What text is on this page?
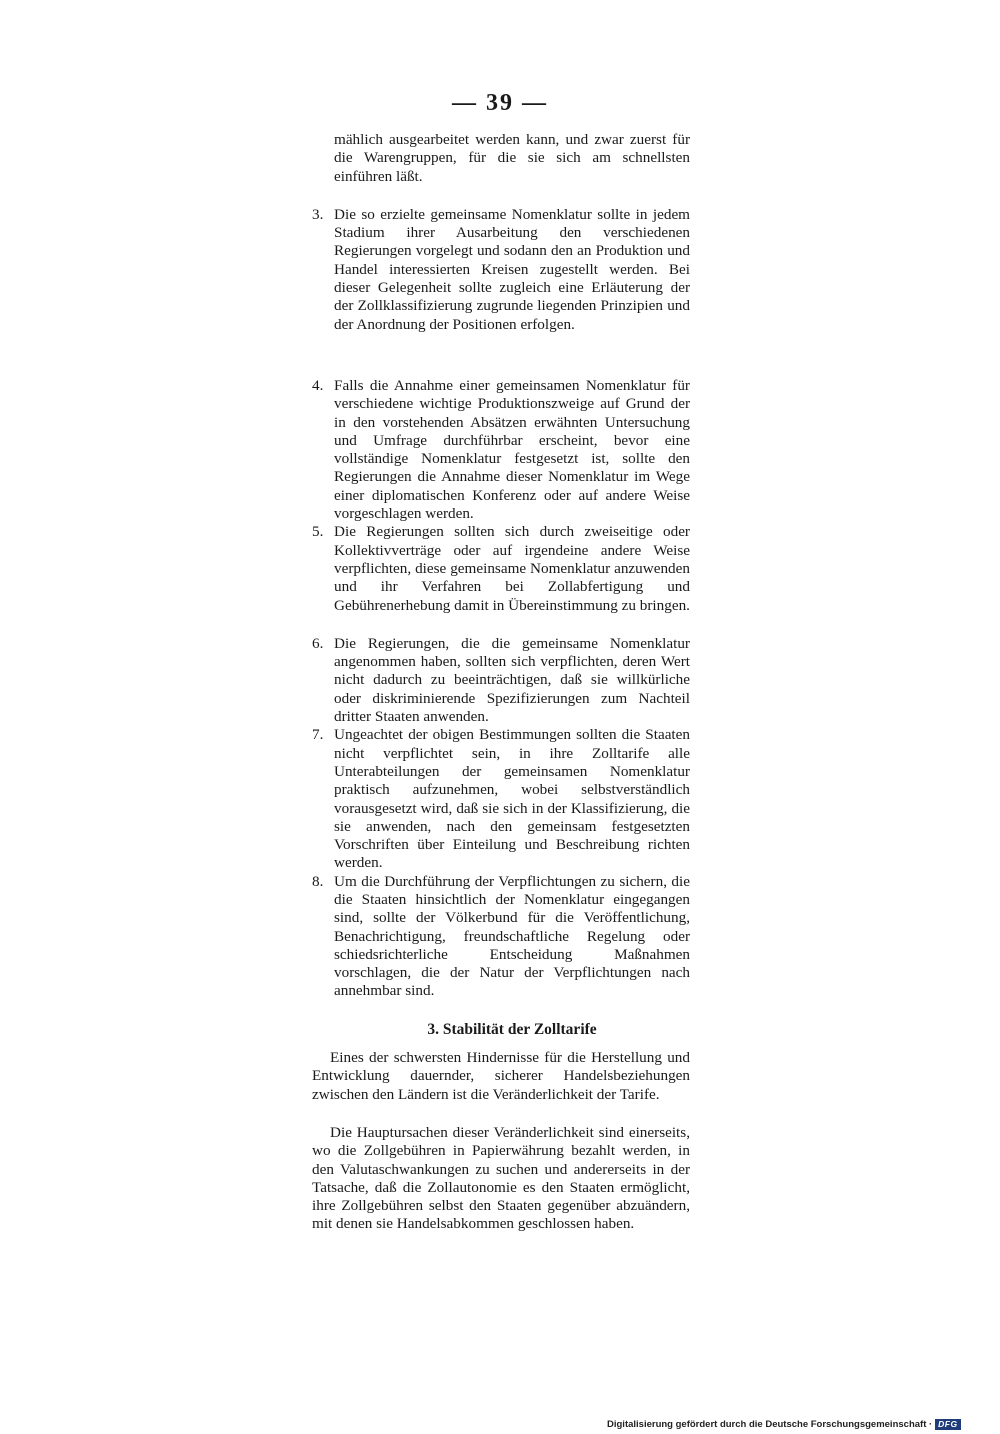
— 39 —

mählich ausgearbeitet werden kann, und zwar zuerst für die Warengruppen, für die sie sich am schnellsten einführen läßt.

3. Die so erzielte gemeinsame Nomenklatur sollte in jedem Stadium ihrer Ausarbeitung den verschiedenen Regierungen vorgelegt und sodann den an Produktion und Handel interessierten Kreisen zugestellt werden. Bei dieser Gelegenheit sollte zugleich eine Erläuterung der der Zollklassifizierung zugrunde liegenden Prinzipien und der Anordnung der Positionen erfolgen.
4. Falls die Annahme einer gemeinsamen Nomenklatur für verschiedene wichtige Produktionszweige auf Grund der in den vorstehenden Absätzen erwähnten Untersuchung und Umfrage durchführbar erscheint, bevor eine vollständige Nomenklatur festgesetzt ist, sollte den Regierungen die Annahme dieser Nomenklatur im Wege einer diplomatischen Konferenz oder auf andere Weise vorgeschlagen werden.
5. Die Regierungen sollten sich durch zweiseitige oder Kollektivverträge oder auf irgendeine andere Weise verpflichten, diese gemeinsame Nomenklatur anzuwenden und ihr Verfahren bei Zollabfertigung und Gebührenerhebung damit in Übereinstimmung zu bringen.
6. Die Regierungen, die die gemeinsame Nomenklatur angenommen haben, sollten sich verpflichten, deren Wert nicht dadurch zu beeinträchtigen, daß sie willkürliche oder diskriminierende Spezifizierungen zum Nachteil dritter Staaten anwenden.
7. Ungeachtet der obigen Bestimmungen sollten die Staaten nicht verpflichtet sein, in ihre Zolltarife alle Unterabteilungen der gemeinsamen Nomenklatur praktisch aufzunehmen, wobei selbstverständlich vorausgesetzt wird, daß sie sich in der Klassifizierung, die sie anwenden, nach den gemeinsam festgesetzten Vorschriften über Einteilung und Beschreibung richten werden.
8. Um die Durchführung der Verpflichtungen zu sichern, die die Staaten hinsichtlich der Nomenklatur eingegangen sind, sollte der Völkerbund für die Veröffentlichung, Benachrichtigung, freundschaftliche Regelung oder schiedsrichterliche Entscheidung Maßnahmen vorschlagen, die der Natur der Verpflichtungen nach annehmbar sind.
3. Stabilität der Zolltarife

Eines der schwersten Hindernisse für die Herstellung und Entwicklung dauernder, sicherer Handelsbeziehungen zwischen den Ländern ist die Veränderlichkeit der Tarife.

Die Hauptursachen dieser Veränderlichkeit sind einerseits, wo die Zollgebühren in Papierwährung bezahlt werden, in den Valutaschwankungen zu suchen und andererseits in der Tatsache, daß die Zollautonomie es den Staaten ermöglicht, ihre Zollgebühren selbst den Staaten gegenüber abzuändern, mit denen sie Handelsabkommen geschlossen haben.

Digitalisierung gefördert durch die Deutsche Forschungsgemeinschaft · DFG
